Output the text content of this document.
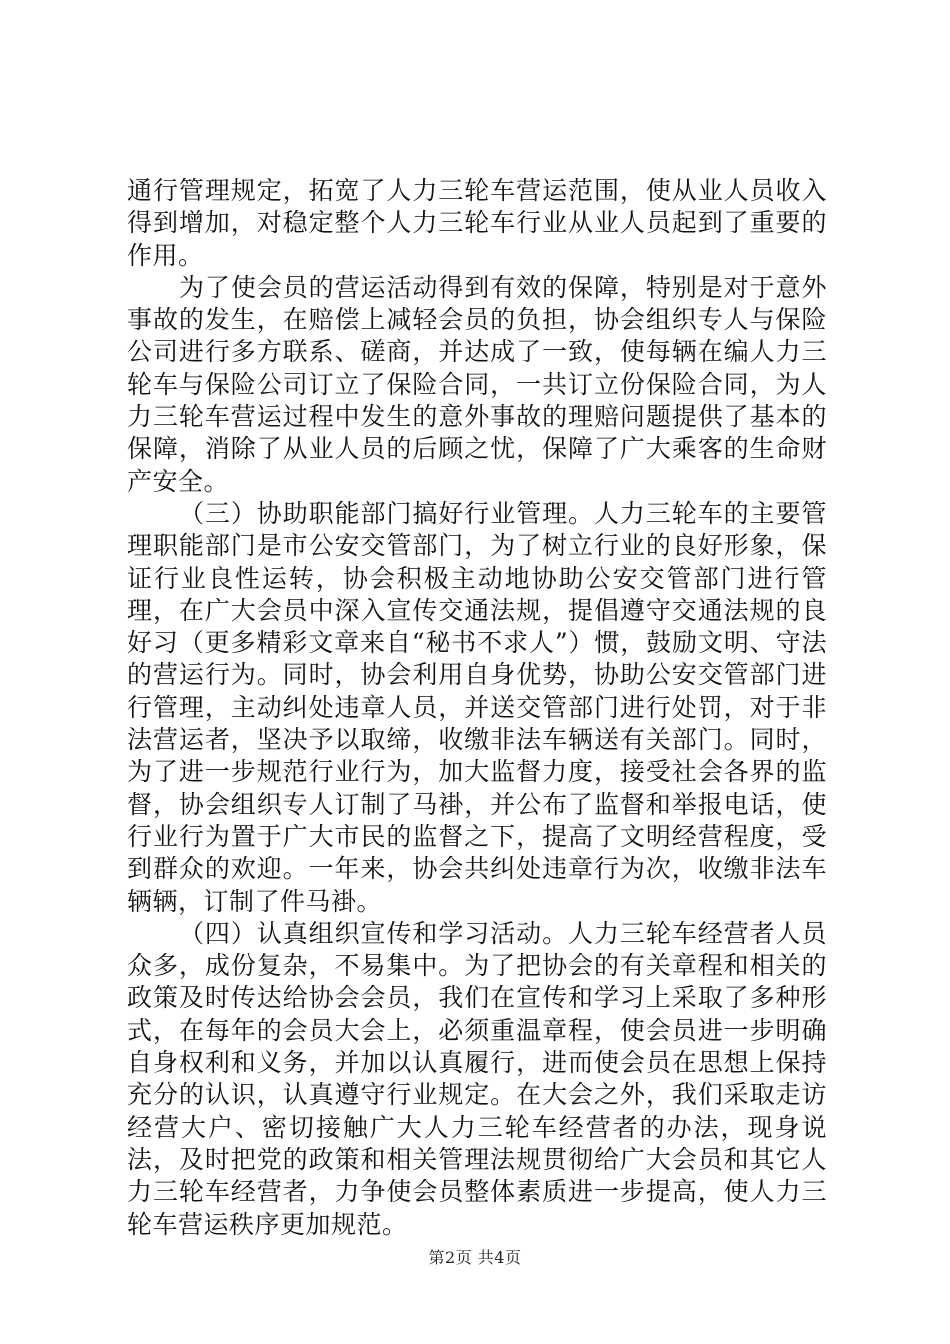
通行管理规定，拓宽了人力三轮车营运范围，使从业人员收入得到增加，对稳定整个人力三轮车行业从业人员起到了重要的作用。

为了使会员的营运活动得到有效的保障，特别是对于意外事故的发生，在赔偿上减轻会员的负担，协会组织专人与保险公司进行多方联系、磋商，并达成了一致，使每辆在编人力三轮车与保险公司订立了保险合同，一共订立份保险合同，为人力三轮车营运过程中发生的意外事故的理赔问题提供了基本的保障，消除了从业人员的后顾之忧，保障了广大乘客的生命财产安全。

（三）协助职能部门搞好行业管理。人力三轮车的主要管理职能部门是市公安交管部门，为了树立行业的良好形象，保证行业良性运转，协会积极主动地协助公安交管部门进行管理，在广大会员中深入宣传交通法规，提倡遵守交通法规的良好习（更多精彩文章来自“秘书不求人”）惯，鼓励文明、守法的营运行为。同时，协会利用自身优势，协助公安交管部门进行管理，主动纠处违章人员，并送交管部门进行处罚，对于非法营运者，坚决予以取缔，收缴非法车辆送有关部门。同时，为了进一步规范行业行为，加大监督力度，接受社会各界的监督，协会组织专人订制了马褂，并公布了监督和举报电话，使行业行为置于广大市民的监督之下，提高了文明经营程度，受到群众的欢迎。一年来，协会共纠处违章行为次，收缴非法车辆辆，订制了件马褂。

（四）认真组织宣传和学习活动。人力三轮车经营者人员众多，成份复杂，不易集中。为了把协会的有关章程和相关的政策及时传达给协会会员，我们在宣传和学习上采取了多种形式，在每年的会员大会上，必须重温章程，使会员进一步明确自身权利和义务，并加以认真履行，进而使会员在思想上保持充分的认识，认真遵守行业规定。在大会之外，我们采取走访经营大户、密切接触广大人力三轮车经营者的办法，现身说法，及时把党的政策和相关管理法规贯彻给广大会员和其它人力三轮车经营者，力争使会员整体素质进一步提高，使人力三轮车营运秩序更加规范。

第2页 共4页
